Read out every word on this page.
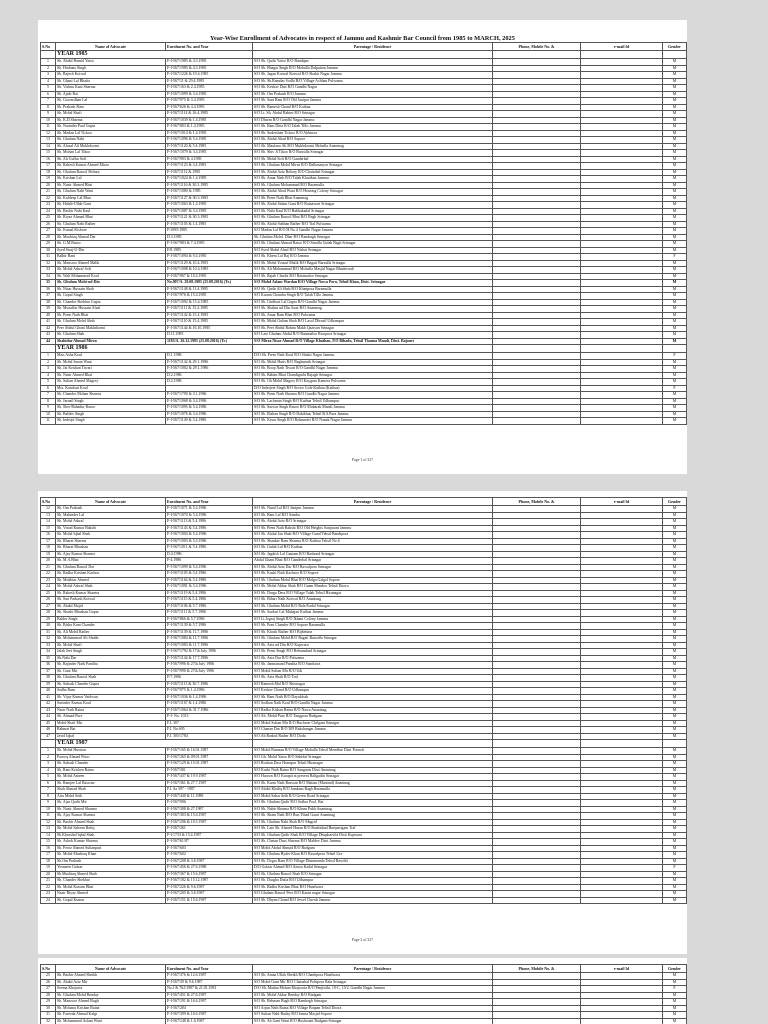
Year-Wise Enrollment of Advocates in respect of Jammu and Kashmir Bar Council from 1985 to MARCH, 2025
S.No	Name of Advocate	Enrolment No. and Year	Parentage / Residence	Phone, Mobile No. &	e-mail Id	Gender
	YEAR 1985					
1	Sh. Abdul Hamid Yatoo	F-I-567/1985 & 4.3.1985	S/O Sh. Qadir Yatoo R/O Bandipur			M
2	Sh. Harbans Singh	F-I-567/1985 & 4.3.1985	S/O Sh. Bhagat Singh R/O Mohalla Dalpatian Jammu			M
3	Sh. Rajesh Kotwal	F-I-567/1226 & 19.4.1985	S/O Sh. Jagan Kotwal Kotwal R/O Shakti Nagar Jammu			M
4	Sh. Ghani Lal Bhatia	F-I-567/11 & 29.4.1985	S/O Sh. Sh.Ramdas Sodhi R/O Village Achhan Pulwama			M
5	Sh. Vishnu Kant Sharma	F-I-567/163 & 2.4.1985	S/O Sh. Keshav Dutt R/O Gandhi Nagar			M
6	Sh. Ajaib Rai	F-I-567/1099 & 3.4.1985	S/O Sh. Om Prakash R/O Jammu			M
7	Sh. Gowardhan Lal	F-I-567/975 & 3.4.1985	S/O Sh. Sant Ram R/O Old Janipur Jammu			M
8	Sh. Prakash Ram	F-I-567/626 & 4.4.1985	S/O Sh. Ramesh Chand R/O Kathua			M
9	Sh. Mohd Shafi	F-I-567/1114 & 16.4.1985	S/O Lt. Sh. Abdul Rahim R/O Srinagar			M
10	Sh. K.D.Sharma	F-I-567/1039 & 1.4.1985	S/O Dharm R/O Gandhi Nagar Jammu			M
11	Sh. Narinder Paul Gupta	F-I-567/803 & 1.4.1985	S/O Sh. Ram Ditta R/O Talab Tillo Jammu			M
12	Sh. Madan Lal Tickoo	F-I-567/1014 & 1.4.1985	S/O Sh. Sudershan Tickoo R/O Akhnoor			M
13	Sh. Ghulam Nabi	F-I-567/1096 & 5.4.1985	S/O Sh. Abdul Ahad R/O Sopore			M
14	Sh. Afzaal Ali Mukhdoomi	F-I-567/1120 & 5.4.1985	S/O Sh. Maulana Ali R/O Mukhdoomi Mohalla Anantnag			M
15	Sh. Mohan Lal Tikoo	F-I-567/1079 & 3.4.1985	S/O Sh. Shiv Ji Tikoo R/O Barzulla Srinagar			M
16	Sh. Ali Gulfar Sofi	F-I-567/903 & 4.1985	S/O Sh. Mohd Sofi R/O Ganderbal			M
17	Sh. Rakesh Kumar Ahmed Mirza	F-I-567/1123 & 3.4.1985	S/O Sh. Ghulam Mohd Mirza R/O Dalhasanyar Srinagar			M
18	Sh. Ghulam Rasool Bohary	F-I-567/1112 & 1985	S/O Sh. Abdul Aziz Bohary R/O Chattabal Srinagar			M
19	Sh. Krishan Lal	F-I-567/1024 & 1.4.1985	S/O Sh. Amar Nath R/O Talab Khatikan Jammu			M
20	Sh. Nazir Ahmed Bhat	F-I-567/1116 & 30.3.1985	S/O Sh. Ghulam Mohammad R/O Baramulla			M
21	Sh. Ghulam Nabi Wani	F-I-567/1080 & 1985	S/O Sh. Abdul Ahad Wani R/O Housing Colony Srinagar			M
22	Sh. Kuldeep Lal Bhat	F-I-567/1127 & 30.3.1985	S/O Sh. Prem Nath Bhat Anantnag			M
23	Sh. Habib-Ullah Gani	F-I-567/1063 & 1.4.1985	S/O Sh. Abdul Salam Gani R/O Rainawari Srinagar			M
24	Sh. Bashir Nabi Kaul	F-I-567/1087 & 3.4.1985	S/O Sh. Nabi Kaul R/O Habbakadal Srinagar			M
25	Sh. Riyaz Ahmad Bhat	F-I-567/1121 & 30.3.1985	S/O Sh. Ghulam Rasool Bhat R/O Bagh Srinagar			M
26	Sh. Ghulam Nabi Rather	F-I-567/1105 & 1.4.1985	S/O Sh. Abdul Subhan Rather R/O Tral Pulwama			M
27	Sh. Kamal Kishore	F/1095/1985	S/O Madan Lal R/O H.No.4 Gandhi Nagar Jammu			M
28	Sh. Mushtaq Ahmad Dar	D.3.1985	Sh. Ghulam Mohd. Dhar R/O Rambagh Srinagar			M
29	Sh. G.M.Batoo	F-I-567/983 & 7.4.1985	S/O Sh. Ghulam Ahmad Batoo R/O Sezalla Gulab Bagh Srinagar			M
30	Syed Siraj-U-Din	F/8.1985	S/O Syed Abdul Ahad R/O Nishat Srinagar			M
31	Balbir Rani	F-I-567/1094 & 9.4.1985	S/O Sh. Khem Lal Raj R/O Jammu			F
32	Sh. Mansoor Ahmed Malik	F-I-567/1129 & 10.4.1985	S/O Sh. Mohd Yousuf Malik R/O Bagait Barzulla Srinagar			M
33	Sh. Mohd Ashraf Sofi	F-I-567/1008 & 10.4.1985	S/O Sh. Ali Mohammad R/O Mohalla Masjid Nagar Bhaderwah			M
34	Sh. Wali Mohammad Koul	F-I-567/967 & 10.4.1985	S/O Sh. Rajab Chuchi R/O Batamaloo Srinagar			M
35	Sh. Ghulam Mohi-ud-Din	No.907/A. 29.08.1985 (25.08.2016) (Tr.)	S/O Mohd Aslam Wardan R/O Village Nowa Pora, Tehsil Khan, Distt. Srinagar			M
36	Sh. Nisar Hussain Shah	F-I-567/1148 & 11.4.1985	S/O Sh. Qadir Ali Shah R/O Khanpora Baramulla			M
37	Sh. Gopal Singh	F-I-567/976 & 15.4.1985	S/O Karam Chandra Singh R/O Talab Tillo Jammu			M
38	Sh. Chander Shekhar Gupta	F-I-567/1092 & 15.4.1985	S/O Sh. Girdhari Lal Gupta R/O Gandhi Nagar Jammu			M
39	Sh. Muzaffar Hussain Afzal	F-I-567/1111 & 15.4.1985	S/O Sh. Shahas ud Din Azaz R/O Anantnag			M
40	Sh. Prem Nath Bhat	F-I-567/1142 & 15.4.1985	S/O Sh. Amar Ram Bhat R/O Pulwama			M
41	Sh. Ghulam Mohd Shah	F-I-567/1110 & 15.4.1985	S/O Sh. Mohd Gulam Shah R/O Lasol Dhrusil Udhampur			M
42	Peer Abdul Ghani Makhdoomi	F-I-567/1144 & 16.10.1985	S/O Sh. Peer Abdul Rahim Makh Qaziyan Srinagar			M
43	Sh. Ghulam Shah	D.11.1985	S/O Late Ghulam Abdul R/O Batamaloo Rawpora Srinagar			M
44	Shahidur Ahmad Mirza	1183/A. 26.12.1985 (25.08.2016) (Tr.)	S/O Mirza Nisar Ahmad R/O Village Khathan, P.O Bihadu, Tehsil Thanna Mandi, Distt. Rajouri			M
	YEAR 1986					
1	Miss Asha Koul	D.1.1986	D/O Sh. Prem Nath Koul R/O Shakti Nagar Jammu			F
2	Sh. Mohd Imran Wani	F-I-567/1142 & 29.1.1986	S/O Sh. Mohd Haris R/O Raghunath Srinagar			M
3	Sh. Jai Krishan Tiwari	F-I-567/1002 & 29.1.1986	S/O Sh. Roop Nath Tiwari R/O Gandhi Nagar Jammu			M
4	Sh. Nasir Ahmed Bhat	D.2.1986	S/O Sh. Rahim Bhat Chandigarhi Rajagh Srinagar			M
5	Sh. Sultan Ahmed Magrey	D.2.1986	S/O Sh. Gh Mohd Magrey R/O Kaygam Kamera Pulwama			M
6	Mrs. Kanchan Koul		D/O Inderjeet Singh R/O Sector Gole Kathua (Kathua)			F
7	Sh. Chander Mohan Sharma	F-I-567/1790 & 3.1.1986	S/O Sh. Prem Nath Sharma R/O Gandhi Nagar Jammu			M
8	Sh. Jarnail Singh	F-I-567/1068 & 3.4.1986	S/O Sh. Lachman Singh R/O Kathua Tehsil Udhampur			M
9	Sh. Sher-Bahadur Rasoo	F-I-567/1095 & 5.4.1986	S/O Sh. Sarwar Singh Rasoo R/O Mubarak Mandi Jammu			M
10	Sh. Baldev Singh	F-I-567/1076 & 3.4.1986	S/O Sh. Bishan Singh R/O Dakikhas Tehsil R.S.Pura Jammu			M
11	Sh. Inderjit Singh	F-I-567/1149 & 3.4.1986	S/O Sh. Kesar Singh R/O Rehmarlei R/O Nanak Nagar Jammu			M
Page 1 of 327
S.No	Name of Advocate	Enrolment No. and Year	Parentage / Residence	Phone, Mobile No. &	e-mail Id	Gender
12	Sh. Om Prakash	F-I-567/1071 & 5.4.1986	S/O Sh. Nand Lal R/O Janipur Jammu			M
13	Sh. Mahinder Lal	F-I-567/1070 & 5.4.1986	S/O Sh. Ram Lal R/O Samba			M
14	Sh. Mohd Ashraf	F-I-567/1113 & 5.4.1986	S/O Sh. Abdul Aziz R/O Srinagar			M
15	Sh. Vinod Kumar Bakshi	F-I-567/1143 & 5.4.1986	S/O Sh. Prem Nath Bakshi R/O Old Heights Sanjawan Jammu			M
16	Sh. Mohd Iqbal Shah	F-I-567/1004 & 5.4.1986	S/O Sh. Abdul Jan Shah R/O Village Gund Tehsil Bandipora			M
17	Sh. Bharat Sharma	F-I-567/1003 & 5.4.1986	S/O Sh. Shanker Ram Sharma R/O Kathua Tehsil No.6			M
18	Sh. Bharat Bhushan	F-I-567/1011 & 5.4.1986	S/O Sh. Gulab Lal R/O Kathua			M
19	Sh. Ajay Kumar Sharma	D.4.1986	S/O Sh. Jagdish Lal Gautam R/O Bashond Srinagar			M
20	Sh. M.A.Bhat	F-4.1986	Abdul Ghani Bhat R/O Ganderbal Srinagar			M
21	Sh. Ghulam Rasool Dar	F-I-567/1099 & 5.4.1986	S/O Sh. Abdul Aziz Dar R/O Rawalpora Srinagar			M
22	Sh. Radha Krishan Kachoo	F-I-567/1105 & 5.4.1986	S/O Sh. Kashi Nath Kachroo R/O Sopore			M
23	Sh. Mukhtar Ahmed	F-I-567/1164 & 5.4.1986	S/O Sh. Ghulam Mohd Bhat R/O Malga Galgal Sopore			M
24	Sh. Mohd Ashraf Shah	F-I-567/1091 & 5.4.1986	S/O Sh. Mohd Akbar Shah R/O Gaam Mandoo Tehsil Dooru			M
25	Sh. Rakesh Kumar Sharma	F-I-567/1119 & 5.4.1986	S/O Sh. Durga Dass R/O Village Talab Tehsil Hiranagar			M
26	Sh. Sun Parkash Kotwal	F-I-567/1115 & 5.4.1986	S/O Sh. Bihari Nath Kotwal R/O Anantnag			M
27	Sh. Abdul Majid	F-I-567/1106 & 5.7.1986	S/O Sh. Ghulam Mohd R/O Bala Kadal Srinagar			M
28	Sh. Shashi Bhushan Gupta	F-I-567/1111 & 5.7.1986	S/O Sh. Sardari Lal Mahajan Kathua Jammu			M
29	Balder Singh	F-I-567/866 & 5.7.1986	S/O Lt.Jograj Singh R/O Ikhani Colony Jammu			M
30	Sh. Bishu Kant Chander	F-I-567/1139 & 5.7.1986	S/O Sh. Pran Chander R/O Sopore Baramulla			M
31	Sh. Ali Mohd Rather	F-I-567/1139 & 11.7.1986	S/O Sh. Khosh Rather R/O Bijbehara			M
32	Sh. Mohammad Ali Shubh	F-I-567/1084 & 11.7.1986	S/O Sh. Ghulam Mohd R/O Bagait Barzulla Srinagar			M
33	Sh. Mohd Shafi	F-I-567/1083 & 11.7.1986	S/O Sh. Aziz ud Din R/O Kupwara			M
34	Jalah Jeet Singh	F-I-567/1792 & 17th July 1986	S/O Sh. Prem Singh R/O Rehamabad Srinagar			M
35	Sh.Nabi Dar	F-I-567/1144 & 17.7.1986	S/O Sh. Aziz Dar R/O Pulwama			M
36	Sh. Rajinder Nath Pandita	F-I-567/996 & 27th July 1986	S/O Sh. Janmanand Pandita R/O Sandoora			M
37	Sh. Gani Mir	F-I-567/990 & 27th July 1986	S/O Mohd Sultan Mir R/O Udi			M
38	Sh. Ghulam Rasool Shah	F/7.1986	S/O Sh. Aziz Shah R/O Tral			M
39	Sh. Subash Chander Gupta	F-I-567/1113 & 30.7.1986	S/O Ramesh Mal R/O Shivnagar			M
40	Sadha Ram	F-I-567/975 & 1.4.1986	S/O Keshav Chand R/O Udhampur			M
41	Sh. Vijay Kumar Vaidwan	F-I-567/1036 & 1.4.1986	S/O Sh. Ram Nath R/O Dayalchak			M
42	Surinder Kumar Koul	F-I-567/1167 & 1.4.1986	S/O Sodhan Nath Koul R/O Gandhi Nagar Jammu			M
43	Nasir Nath Raina	F-I-567/1064 & 31.7.1986	S/O Radha Kishan Raina R/O Nawa Anantnag			M
44	Sh. Ahmad Pure	F-I- No. 1013	S/O Ab. Mohd Pure R/O Tangpora Budgam			M
45	Mohd Shafi Mir	F.I. 307	S/O Mohd Sultan Mir R/O Buchwar Chilgam Srinagar			M
46	Rahmat Bai	F.I. No.695	S/O Chanan Das R/O 309 Rakshangar Jammu			M
47	Javid Iqbal	F.I. 305/1784	S/O Ab Rashid Rather R/O Doda			M
	YEAR 1987					
1	Sh. Mohd Hussian	F-I-567/165 & 16.01.1987	S/O Mohd Ramzan R/O Village Mohalla Tehsil Mendhar Distt Poonch			M
2	Farooq Ahmad Fitoo	F-I-567/265 & 09.01.1987	S/O Gh. Mohd Yatoo R/O Sekidaf Srinagar			M
3	Sh. Subash Chander	F-I-567/129 & 15.01.1987	S/O Roshan Dass Hamipur Tehsil Hiranagar			M
4	Sh. Ram Krishen Raina	F-I-567/301	S/O Kashi Nath Raina R/O Sanganis Distt Anantnag			M
5	Sh. Mohd Ameen	F-I-567/437 & 19.9.1987	S/O Haroon R/O Karapit at present Baligadin Srinagar			M
6	Sh. Ramjee Lal Raswan	F-I-567/361 & 27.7.1987	S/O Sh. Karm Nath Raswan R/O Mattan (Martand) Anantnag			M
7	Shah Ahmad Shah	F.I. Sa 397 - 1987	S/O Abdul Khaliq R/O Jamkam Bagh Baramulla			M
8	Attu Mohd Seth	F-I-567/440 & 11.1988	S/O Mohd Sabar Seth R/O Green Road Srinagar			M
9	Sh. Ajaz Qadir Mir	F-I-567/906	S/O Sh. Ghulam Qadir R/O Safkar Pool, Rat			M
10	Sh. Nazir Ahmed Sharma	F-I-567/308 & 27.1987	S/O Sh. Nabir Sharma R/O Khum Pukh Anantnag			M
11	Sh. Ajay Kumar Sharma	F-I-567/303 & 15.6.1987	S/O Sh. Sham Nath R/O Bun Tibad Gauri Anantnag			M
12	Sh. Bashir Ahmed Shah	F-I-567/206 & 10.5.1987	S/O Sh. Ghulam Nabi Shah R/O Magrid			M
13	Sh. Mohd Saleem Rafiq	F-I-567/261	S/O Sh. Late Sh. Ahmed Hasan R/O Ranbirkad Hariparigam Tral			M
14	Sh.Khurshid Iqbal Shah	F-I-1733 & 15.4.1987	S/O Sh. Ghulam Qadir Shah R/O Village Dhupharvila Distt Kupwara			M
15	Sh. Ashok Kumar Sharma	F-I-567/61/87	S/O Sh. Chetan Dass Sharma R/O Maldev Distt Jammu			M
16	Sh. Feroz Ahmed Sultanpuri	F-I-567/603	S/O Mohd Abdul Ahmad R/O Budgam			M
17	Sh. Mohd Mushtaq Khan	F-I-567/602	S/O Sh. Ghulam Hyder Khan R/O Rawalpora Tehsil Ura			M
18	Sh.Om Prakash	F-I-567/208 & 3.6.1987	S/O Sh. Dogra Ram R/O Village Dhanmanda Tehsil Basohli			M
19	Yesmeen Gulzar	F-I-567/456 & 27.6.1988	D/O Gulzar Ahmed R/O Amira Kadal Srinagar			F
20	Sh.Mushtaq Ahmed Shah	F-I-567/367 & 15.6.1987	S/O Sh. Ghulam Rasool Shah R/O Srinagar			M
21	Sh. Chander Shekhar	F-I-567/182 & 15.12.1987	S/O Sh. Durgha Dutta R/O Udhampur			M
22	Sh. Mohd Kassim Bhat	F-I-567/226 & 9.6.1987	S/O Sh. Radha Krishan Bhat R/O Handwara			M
23	Nazir Riyaz Ahmed	F-I-567/205 & 3.6.1987	S/O Ghulam Rasool Peer R/O Karan nagar Srinagar			M
24	Sh. Gopal Kumar	F-I-567/151 & 15.6.1987	S/O Sh. Dhyan Chand R/O Jewel Chowk Jammu			M
Page 2 of 327
S.No	Name of Advocate	Enrolment No. and Year	Parentage / Residence	Phone, Mobile No. &	e-mail Id	Gender
25	Sh. Bashir Ahmed Sheikh	F-I-567/376 & 12.6.1987	S/O Sh. Amaa Ullah Sheikh R/O Chanhpora Handwara			M
26	Sh. Abdul Aziz Mir	F-I-567/39 & 9.6.1987	S/O Mohd Gani Mir R/O Chattabal Pohipora Bala Srinagar			M
27	Seema Khojuria	No.J & 762/1987 & 21.01.1981	D/O Sh. Madan Mohan Khajooria R/O Panjtirthi, 10-C, 15/2, Gandhi Nagar Jammu			F
28	Sh. Ghulam Mohd Benday	F-I-567/451 & 27.6.1987	S/O Sh. Mohd Akbar Benday R/O Budgam			M
29	Sh. Manzoor Ahmed Bugh	F-I-567/191 & 16.6.1987	S/O Sh. Rehman Bugh R/O Rambagh Srinagar			M
30	Sh. Mohanu Krishan Raina	F-I-567/284	S/O Arjun Nath Raina R/O Village Brapan Tehsil Doora			M
31	Sh. Fareeda Ahmad Kalgi	F-I-567/399 & 10.6.1987	S/O Sultan Nabi Baday R/O Jamia Masjid Sopore			M
32	Sh. Mohammad Aslam Wani	F-I-567/148 & 1.6.1987	S/O Sh. Ab Gani Wani R/O Hushwani Budgam Srinagar			M
